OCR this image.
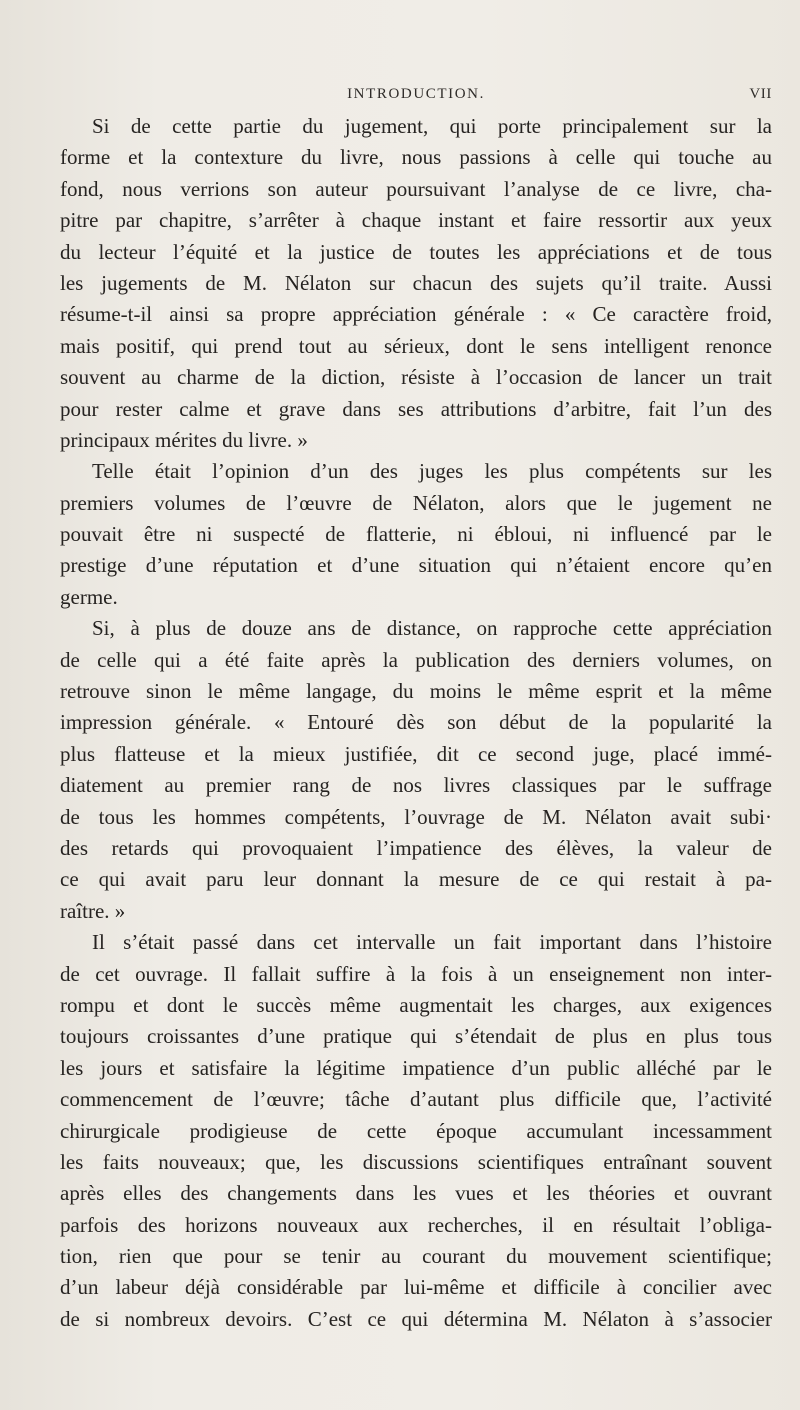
INTRODUCTION.	VII
Si de cette partie du jugement, qui porte principalement sur la
forme et la contexture du livre, nous passions à celle qui touche au
fond, nous verrions son auteur poursuivant l’analyse de ce livre, cha-
pitre par chapitre, s’arrêter à chaque instant et faire ressortir aux yeux
du lecteur l’équité et la justice de toutes les appréciations et de tous
les jugements de M. Nélaton sur chacun des sujets qu’il traite. Aussi
résume-t-il ainsi sa propre appréciation générale : « Ce caractère froid,
mais positif, qui prend tout au sérieux, dont le sens intelligent renonce
souvent au charme de la diction, résiste à l’occasion de lancer un trait
pour rester calme et grave dans ses attributions d’arbitre, fait l’un des
principaux mérites du livre. »
Telle était l’opinion d’un des juges les plus compétents sur les
premiers volumes de l’œuvre de Nélaton, alors que le jugement ne
pouvait être ni suspecté de flatterie, ni ébloui, ni influencé par le
prestige d’une réputation et d’une situation qui n’étaient encore qu’en
germe.
Si, à plus de douze ans de distance, on rapproche cette appréciation
de celle qui a été faite après la publication des derniers volumes, on
retrouve sinon le même langage, du moins le même esprit et la même
impression générale. « Entouré dès son début de la popularité la
plus flatteuse et la mieux justifiée, dit ce second juge, placé immé-
diatement au premier rang de nos livres classiques par le suffrage
de tous les hommes compétents, l’ouvrage de M. Nélaton avait subi·
des retards qui provoquaient l’impatience des élèves, la valeur de
ce qui avait paru leur donnant la mesure de ce qui restait à pa-
raître. »
Il s’était passé dans cet intervalle un fait important dans l’histoire
de cet ouvrage. Il fallait suffire à la fois à un enseignement non inter-
rompu et dont le succès même augmentait les charges, aux exigences
toujours croissantes d’une pratique qui s’étendait de plus en plus tous
les jours et satisfaire la légitime impatience d’un public alléché par le
commencement de l’œuvre; tâche d’autant plus difficile que, l’activité
chirurgicale prodigieuse de cette époque accumulant incessamment
les faits nouveaux; que, les discussions scientifiques entraînant souvent
après elles des changements dans les vues et les théories et ouvrant
parfois des horizons nouveaux aux recherches, il en résultait l’obliga-
tion, rien que pour se tenir au courant du mouvement scientifique;
d’un labeur déjà considérable par lui-même et difficile à concilier avec
de si nombreux devoirs. C’est ce qui détermina M. Nélaton à s’associer
